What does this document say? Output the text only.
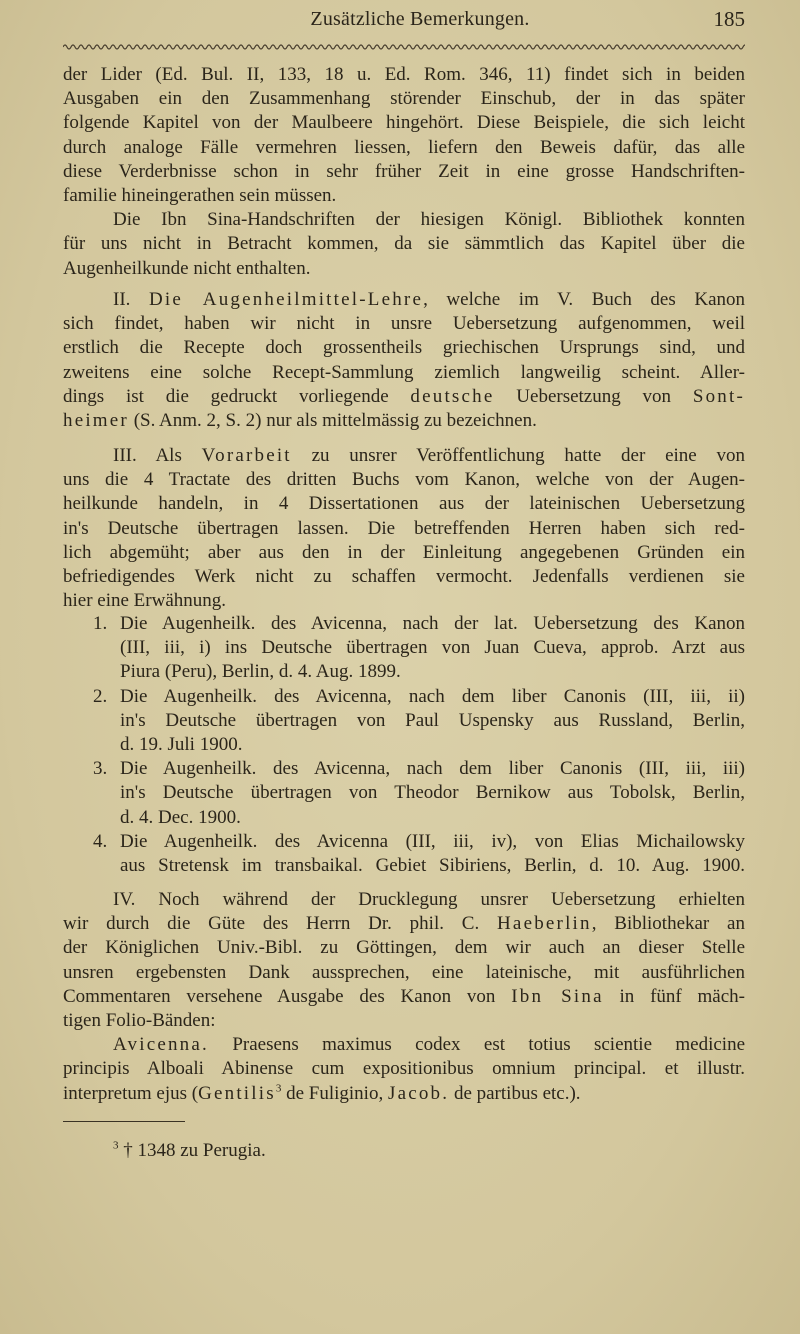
Zusätzliche Bemerkungen.	185
der Lider (Ed. Bul. II, 133, 18 u. Ed. Rom. 346, 11) findet sich in beiden
Ausgaben ein den Zusammenhang störender Einschub, der in das später
folgende Kapitel von der Maulbeere hingehört. Diese Beispiele, die sich leicht
durch analoge Fälle vermehren liessen, liefern den Beweis dafür, das alle
diese Verderbnisse schon in sehr früher Zeit in eine grosse Handschriften-
familie hineingerathen sein müssen.
Die Ibn Sina-Handschriften der hiesigen Königl. Bibliothek konnten
für uns nicht in Betracht kommen, da sie sämmtlich das Kapitel über die
Augenheilkunde nicht enthalten.
II. Die Augenheilmittel-Lehre, welche im V. Buch des Kanon
sich findet, haben wir nicht in unsre Uebersetzung aufgenommen, weil
erstlich die Recepte doch grossentheils griechischen Ursprungs sind, und
zweitens eine solche Recept-Sammlung ziemlich langweilig scheint. Aller-
dings ist die gedruckt vorliegende deutsche Uebersetzung von Sont-
heimer (S. Anm. 2, S. 2) nur als mittelmässig zu bezeichnen.
III. Als Vorarbeit zu unsrer Veröffentlichung hatte der eine von
uns die 4 Tractate des dritten Buchs vom Kanon, welche von der Augen-
heilkunde handeln, in 4 Dissertationen aus der lateinischen Uebersetzung
in's Deutsche übertragen lassen. Die betreffenden Herren haben sich red-
lich abgemüht; aber aus den in der Einleitung angegebenen Gründen ein
befriedigendes Werk nicht zu schaffen vermocht. Jedenfalls verdienen sie
hier eine Erwähnung.
1. Die Augenheilk. des Avicenna, nach der lat. Uebersetzung des Kanon
(III, iii, i) ins Deutsche übertragen von Juan Cueva, approb. Arzt aus
Piura (Peru), Berlin, d. 4. Aug. 1899.
2. Die Augenheilk. des Avicenna, nach dem liber Canonis (III, iii, ii)
in's Deutsche übertragen von Paul Uspensky aus Russland, Berlin,
d. 19. Juli 1900.
3. Die Augenheilk. des Avicenna, nach dem liber Canonis (III, iii, iii)
in's Deutsche übertragen von Theodor Bernikow aus Tobolsk, Berlin,
d. 4. Dec. 1900.
4. Die Augenheilk. des Avicenna (III, iii, iv), von Elias Michailowsky
aus Stretensk im transbaikal. Gebiet Sibiriens, Berlin, d. 10. Aug. 1900.
IV. Noch während der Drucklegung unsrer Uebersetzung erhielten
wir durch die Güte des Herrn Dr. phil. C. Haeberlin, Bibliothekar an
der Königlichen Univ.-Bibl. zu Göttingen, dem wir auch an dieser Stelle
unsren ergebensten Dank aussprechen, eine lateinische, mit ausführlichen
Commentaren versehene Ausgabe des Kanon von Ibn Sina in fünf mäch-
tigen Folio-Bänden:
Avicenna. Praesens maximus codex est totius scientie medicine
principis Alboali Abinense cum expositionibus omnium principal. et illustr.
interpretum ejus (Gentilis$^3$ de Fuliginio, Jacob. de partibus etc.).
$^3$ † 1348 zu Perugia.
